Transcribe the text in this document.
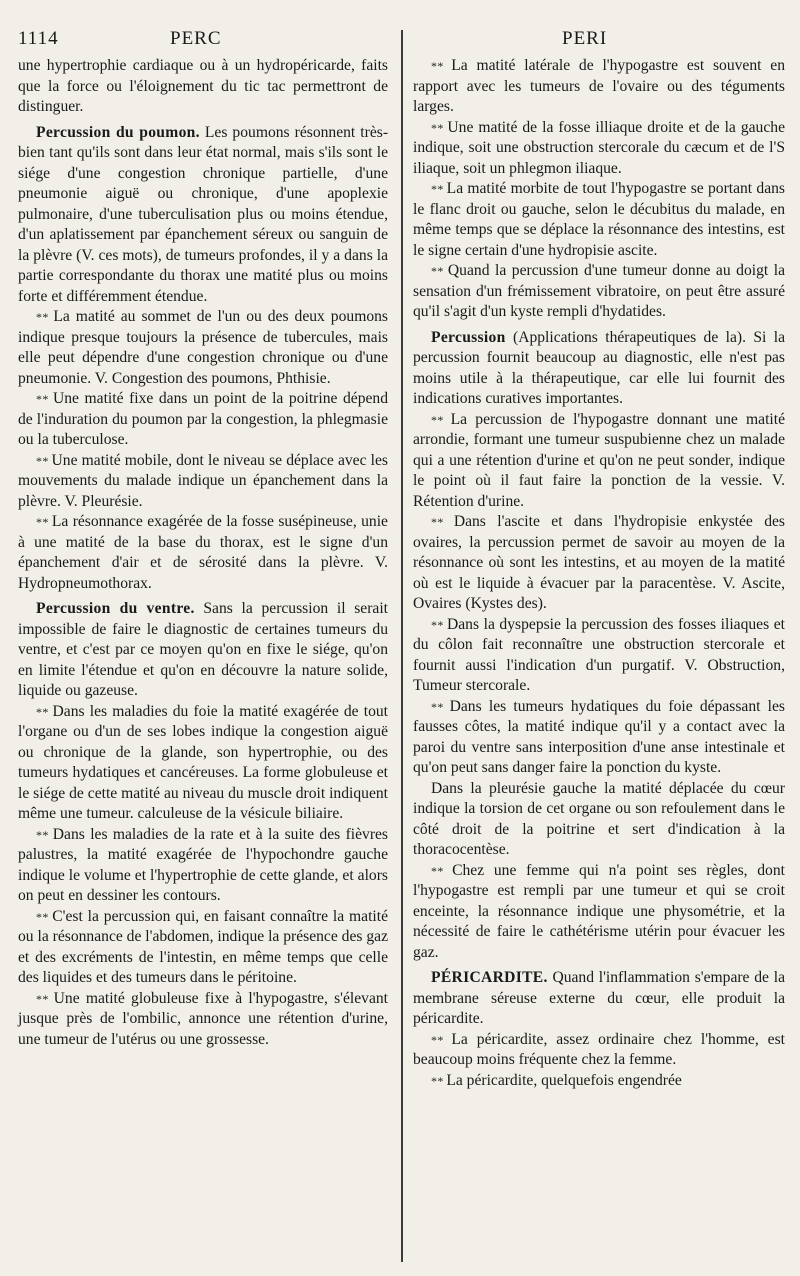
1114	PERC	PERI

une hypertrophie cardiaque ou à un hydropéricarde, faits que la force ou l'éloignement du tic tac permettront de distinguer.

Percussion du poumon. Les poumons résonnent très-bien tant qu'ils sont dans leur état normal, mais s'ils sont le siége d'une congestion chronique partielle, d'une pneumonie aiguë ou chronique, d'une apoplexie pulmonaire, d'une tuberculisation plus ou moins étendue, d'un aplatissement par épanchement séreux ou sanguin de la plèvre (V. ces mots), de tumeurs profondes, il y a dans la partie correspondante du thorax une matité plus ou moins forte et différemment étendue.

* * La matité au sommet de l'un ou des deux poumons indique presque toujours la présence de tubercules, mais elle peut dépendre d'une congestion chronique ou d'une pneumonie. V. Congestion des poumons, Phthisie.

* * Une matité fixe dans un point de la poitrine dépend de l'induration du poumon par la congestion, la phlegmasie ou la tuberculose.

* * Une matité mobile, dont le niveau se déplace avec les mouvements du malade indique un épanchement dans la plèvre. V. Pleurésie.

* * La résonnance exagérée de la fosse susépineuse, unie à une matité de la base du thorax, est le signe d'un épanchement d'air et de sérosité dans la plèvre. V. Hydropneumothorax.

Percussion du ventre. Sans la percussion il serait impossible de faire le diagnostic de certaines tumeurs du ventre, et c'est par ce moyen qu'on en fixe le siége, qu'on en limite l'étendue et qu'on en découvre la nature solide, liquide ou gazeuse.

* * Dans les maladies du foie la matité exagérée de tout l'organe ou d'un de ses lobes indique la congestion aiguë ou chronique de la glande, son hypertrophie, ou des tumeurs hydatiques et cancéreuses. La forme globuleuse et le siége de cette matité au niveau du muscle droit indiquent même une tumeur. calculeuse de la vésicule biliaire.

* * Dans les maladies de la rate et à la suite des fièvres palustres, la matité exagérée de l'hypochondre gauche indique le volume et l'hypertrophie de cette glande, et alors on peut en dessiner les contours.

* * C'est la percussion qui, en faisant connaître la matité ou la résonnance de l'abdomen, indique la présence des gaz et des excréments de l'intestin, en même temps que celle des liquides et des tumeurs dans le péritoine.

* * Une matité globuleuse fixe à l'hypogastre, s'élevant jusque près de l'ombilic, annonce une rétention d'urine, une tumeur de l'utérus ou une grossesse.

* * La matité latérale de l'hypogastre est souvent en rapport avec les tumeurs de l'ovaire ou des téguments larges.

* * Une matité de la fosse illiaque droite et de la gauche indique, soit une obstruction stercorale du cæcum et de l'S iliaque, soit un phlegmon iliaque.

* * La matité morbite de tout l'hypogastre se portant dans le flanc droit ou gauche, selon le décubitus du malade, en même temps que se déplace la résonnance des intestins, est le signe certain d'une hydropisie ascite.

* * Quand la percussion d'une tumeur donne au doigt la sensation d'un frémissement vibratoire, on peut être assuré qu'il s'agit d'un kyste rempli d'hydatides.

Percussion (Applications thérapeutiques de la). Si la percussion fournit beaucoup au diagnostic, elle n'est pas moins utile à la thérapeutique, car elle lui fournit des indications curatives importantes.

* * La percussion de l'hypogastre donnant une matité arrondie, formant une tumeur suspubienne chez un malade qui a une rétention d'urine et qu'on ne peut sonder, indique le point où il faut faire la ponction de la vessie. V. Rétention d'urine.

* * Dans l'ascite et dans l'hydropisie enkystée des ovaires, la percussion permet de savoir au moyen de la résonnance où sont les intestins, et au moyen de la matité où est le liquide à évacuer par la paracentèse. V. Ascite, Ovaires (Kystes des).

* * Dans la dyspepsie la percussion des fosses iliaques et du côlon fait reconnaître une obstruction stercorale et fournit aussi l'indication d'un purgatif. V. Obstruction, Tumeur stercorale.

* * Dans les tumeurs hydatiques du foie dépassant les fausses côtes, la matité indique qu'il y a contact avec la paroi du ventre sans interposition d'une anse intestinale et qu'on peut sans danger faire la ponction du kyste.

Dans la pleurésie gauche la matité déplacée du cœur indique la torsion de cet organe ou son refoulement dans le côté droit de la poitrine et sert d'indication à la thoracocentèse.

* * Chez une femme qui n'a point ses règles, dont l'hypogastre est rempli par une tumeur et qui se croit enceinte, la résonnance indique une physométrie, et la nécessité de faire le cathétérisme utérin pour évacuer les gaz.

PÉRICARDITE. Quand l'inflammation s'empare de la membrane séreuse externe du cœur, elle produit la péricardite.

* * La péricardite, assez ordinaire chez l'homme, est beaucoup moins fréquente chez la femme.

* * La péricardite, quelquefois engendrée
